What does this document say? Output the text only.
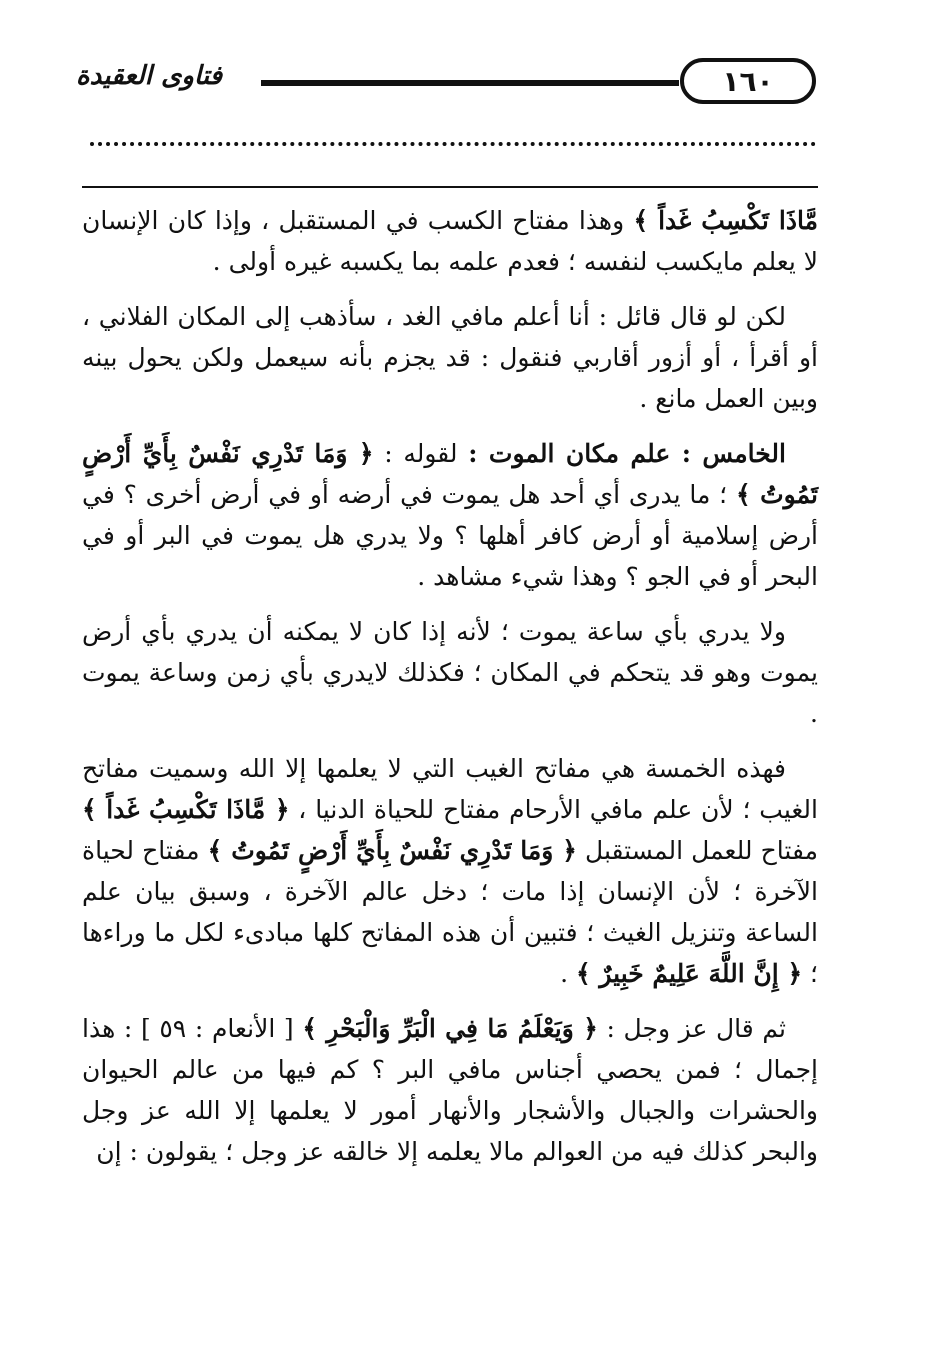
فتاوى العقيدة	١٦٠

مَّاذَا تَكْسِبُ غَداً ﴾ وهذا مفتاح الكسب في المستقبل ، وإذا كان الإنسان لا يعلم مايكسب لنفسه ؛ فعدم علمه بما يكسبه غيره أولى .

لكن لو قال قائل : أنا أعلم مافي الغد ، سأذهب إلى المكان الفلاني ، أو أقرأ ، أو أزور أقاربي فنقول : قد يجزم بأنه سيعمل ولكن يحول بينه وبين العمل مانع .

الخامس : علم مكان الموت : لقوله : ﴿ وَمَا تَدْرِي نَفْسٌ بِأَيِّ أَرْضٍ تَمُوتُ ﴾ ؛ ما يدرى أي أحد هل يموت في أرضه أو في أرض أخرى ؟ في أرض إسلامية أو أرض كافر أهلها ؟ ولا يدري هل يموت في البر أو في البحر أو في الجو ؟ وهذا شيء مشاهد .

ولا يدري بأي ساعة يموت ؛ لأنه إذا كان لا يمكنه أن يدري بأي أرض يموت وهو قد يتحكم في المكان ؛ فكذلك لايدري بأي زمن وساعة يموت .

فهذه الخمسة هي مفاتح الغيب التي لا يعلمها إلا الله وسميت مفاتح الغيب ؛ لأن علم مافي الأرحام مفتاح للحياة الدنيا ، ﴿ مَّاذَا تَكْسِبُ غَداً ﴾ مفتاح للعمل المستقبل ﴿ وَمَا تَدْرِي نَفْسٌ بِأَيِّ أَرْضٍ تَمُوتُ ﴾ مفتاح لحياة الآخرة ؛ لأن الإنسان إذا مات ؛ دخل عالم الآخرة ، وسبق بيان علم الساعة وتنزيل الغيث ؛ فتبين أن هذه المفاتح كلها مبادىء لكل ما وراءها ؛ ﴿ إِنَّ اللَّهَ عَلِيمٌ خَبِيرٌ ﴾ .

ثم قال عز وجل : ﴿ وَيَعْلَمُ مَا فِي الْبَرِّ وَالْبَحْرِ ﴾ [ الأنعام : ٥٩ ] : هذا إجمال ؛ فمن يحصي أجناس مافي البر ؟ كم فيها من عالم الحيوان والحشرات والجبال والأشجار والأنهار أمور لا يعلمها إلا الله عز وجل والبحر كذلك فيه من العوالم مالا يعلمه إلا خالقه عز وجل ؛ يقولون : إن
